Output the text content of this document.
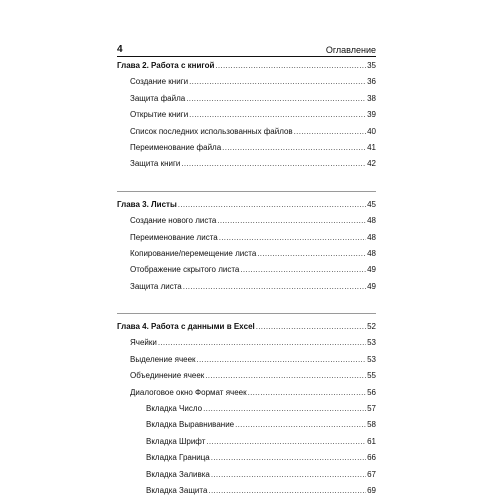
4	Оглавление
Глава 2. Работа с книгой .....	35
Создание книги .....	36
Защита файла .....	38
Открытие книги .....	39
Список последних использованных файлов .....	40
Переименование файла .....	41
Защита книги .....	42
Глава 3. Листы .....	45
Создание нового листа .....	48
Переименование листа .....	48
Копирование/перемещение листа .....	48
Отображение скрытого листа .....	49
Защита листа .....	49
Глава 4. Работа с данными в Excel .....	52
Ячейки .....	53
Выделение ячеек .....	53
Объединение ячеек .....	55
Диалоговое окно Формат ячеек .....	56
Вкладка Число .....	57
Вкладка Выравнивание .....	58
Вкладка Шрифт .....	61
Вкладка Граница .....	66
Вкладка Заливка .....	67
Вкладка Защита .....	69
